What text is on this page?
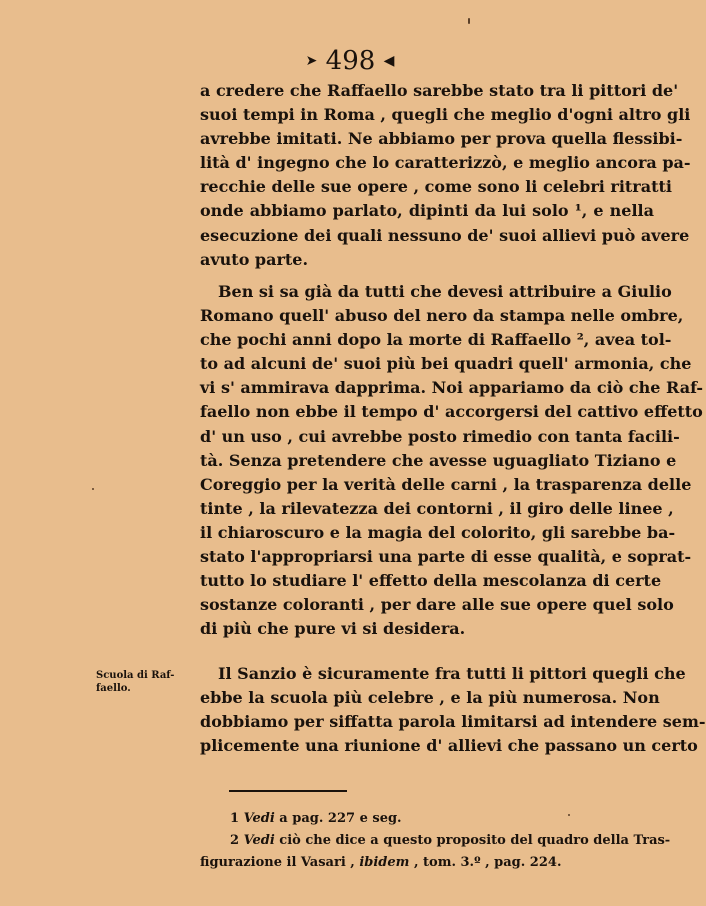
➤ 498 ◀
a credere che Raffaello sarebbe stato tra li pittori de'
suoi tempi in Roma , quegli che meglio d'ogni altro gli
avrebbe imitati. Ne abbiamo per prova quella flessibi-
lità d' ingegno che lo caratterizzò, e meglio ancora pa-
recchie delle sue opere , come sono li celebri ritratti
onde abbiamo parlato, dipinti da lui solo ¹, e nella
esecuzione dei quali nessuno de' suoi allievi può avere
avuto parte.
Ben si sa già da tutti che devesi attribuire a Giulio
Romano quell' abuso del nero da stampa nelle ombre,
che pochi anni dopo la morte di Raffaello ², avea tol-
to ad alcuni de' suoi più bei quadri quell' armonia, che
vi s' ammirava dapprima. Noi appariamo da ciò che Raf-
faello non ebbe il tempo d' accorgersi del cattivo effetto
d' un uso , cui avrebbe posto rimedio con tanta facili-
tà. Senza pretendere che avesse uguagliato Tiziano e
Coreggio per la verità delle carni , la trasparenza delle
tinte , la rilevatezza dei contorni , il giro delle linee ,
il chiaroscuro e la magia del colorito, gli sarebbe ba-
stato l'appropriarsi una parte di esse qualità, e soprat-
tutto lo studiare l' effetto della mescolanza di certe
sostanze coloranti , per dare alle sue opere quel solo
di più che pure vi si desidera.
Scuola di Raf-
faello.
Il Sanzio è sicuramente fra tutti li pittori quegli che
ebbe la scuola più celebre , e la più numerosa. Non
dobbiamo per siffatta parola limitarsi ad intendere sem-
plicemente una riunione d' allievi che passano un certo
1 Vedi a pag. 227 e seg.
2 Vedi ciò che dice a questo proposito del quadro della Tras-
figurazione il Vasari , ibidem , tom. 3.º , pag. 224.
